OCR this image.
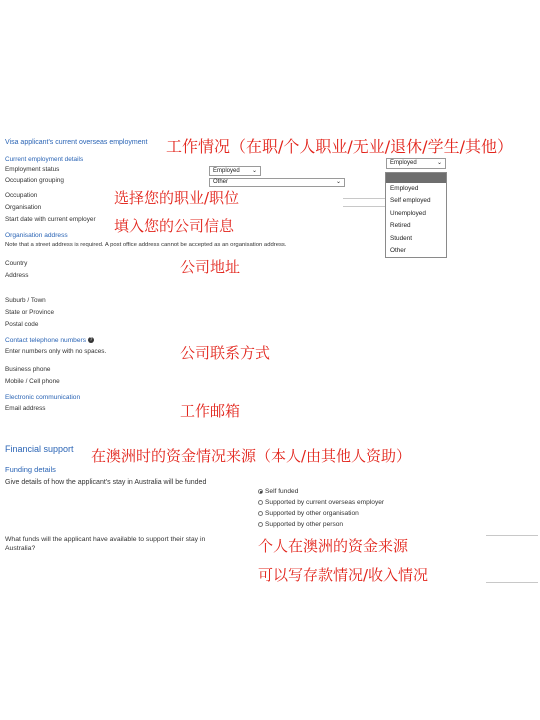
Visa applicant's current overseas employment 工作情况（在职/个人职业/无业/退休/学生/其他）
Current employment details
Employment status	Employed ⌄
Employed	⌄
Occupation grouping	Other	⌄
Occupation	选择您的职业/职位
Organisation
Start date with current employer 填入您的公司信息
Employed
Self employed
Unemployed
Retired
Student
Other
Organisation address
Note that a street address is required. A post office address cannot be accepted as an organisation address.
Country	公司地址
Address
Suburb / Town
State or Province
Postal code
Contact telephone numbers ?
Enter numbers only with no spaces.	公司联系方式
Business phone
Mobile / Cell phone
Electronic communication
Email address	工作邮箱
Financial support 在澳洲时的资金情况来源（本人/由其他人资助）
Funding details
Give details of how the applicant's stay in Australia will be funded
Self funded
Supported by current overseas employer
Supported by other organisation
Supported by other person
What funds will the applicant have available to support their stay in
Australia?	个人在澳洲的资金来源
可以写存款情况/收入情况
